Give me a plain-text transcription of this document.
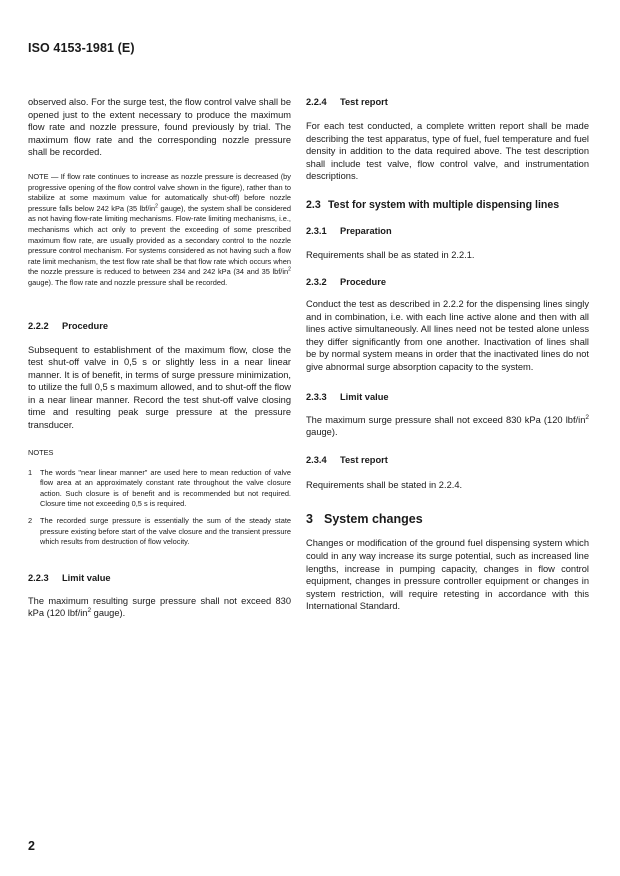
ISO 4153-1981 (E)

observed also. For the surge test, the flow control valve shall be opened just to the extent necessary to produce the maximum flow rate and nozzle pressure, found previously by trial. The maximum flow rate and the corresponding nozzle pressure shall be recorded.

NOTE — If flow rate continues to increase as nozzle pressure is decreased (by progressive opening of the flow control valve shown in the figure), rather than to stabilize at some maximum value for automatically shut-off) before nozzle pressure falls below 242 kPa (35 lbf/$in^2$ gauge), the system shall be considered as not having flow-rate limiting mechanisms. Flow-rate limiting mechanisms, i.e., mechanisms which act only to prevent the exceeding of some prescribed maximum flow rate, are usually provided as a secondary control to the nozzle pressure control mechanism. For systems considered as not having such a flow rate limit mechanism, the test flow rate shall be that flow rate which occurs when the nozzle pressure is reduced to between 234 and 242 kPa (34 and 35 lbf/$in^2$ gauge). The flow rate and nozzle pressure shall be recorded.

2.2.2 Procedure

Subsequent to establishment of the maximum flow, close the test shut-off valve in 0,5 s or slightly less in a near linear manner. It is of benefit, in terms of surge pressure minimization, to utilize the full 0,5 s maximum allowed, and to shut-off the flow in a near linear manner. Record the test shut-off valve closing time and resulting peak surge pressure at the pressure transducer.

NOTES
1	The words "near linear manner" are used here to mean reduction of valve flow area at an approximately constant rate throughout the valve closure action. Such closure is of benefit and is recommended but not required. Closure time not exceeding 0,5 s is required.
2	The recorded surge pressure is essentially the sum of the steady state pressure existing before start of the valve closure and the transient pressure which results from destruction of flow velocity.
2.2.3 Limit value

The maximum resulting surge pressure shall not exceed 830 kPa (120 lbf/$in^2$ gauge).

2.2.4 Test report

For each test conducted, a complete written report shall be made describing the test apparatus, type of fuel, fuel temperature and fuel density in addition to the data required above. The test description shall include test valve, flow control valve, and instrumentation descriptions.

2.3 Test for system with multiple dispensing lines
2.3.1 Preparation

Requirements shall be as stated in 2.2.1.

2.3.2 Procedure

Conduct the test as described in 2.2.2 for the dispensing lines singly and in combination, i.e. with each line active alone and then with all lines active simultaneously. All lines need not be tested alone unless they differ significantly from one another. Inactivation of lines shall be by normal system means in order that the inactivated lines do not give abnormal surge absorption capacity to the system.

2.3.3 Limit value

The maximum surge pressure shall not exceed 830 kPa (120 lbf/$in^2$ gauge).

2.3.4 Test report

Requirements shall be stated in 2.2.4.

3 System changes

Changes or modification of the ground fuel dispensing system which could in any way increase its surge potential, such as increased line lengths, increase in pumping capacity, changes in flow control equipment, changes in pressure controller equipment or changes in system restriction, will require retesting in accordance with this International Standard.

2
